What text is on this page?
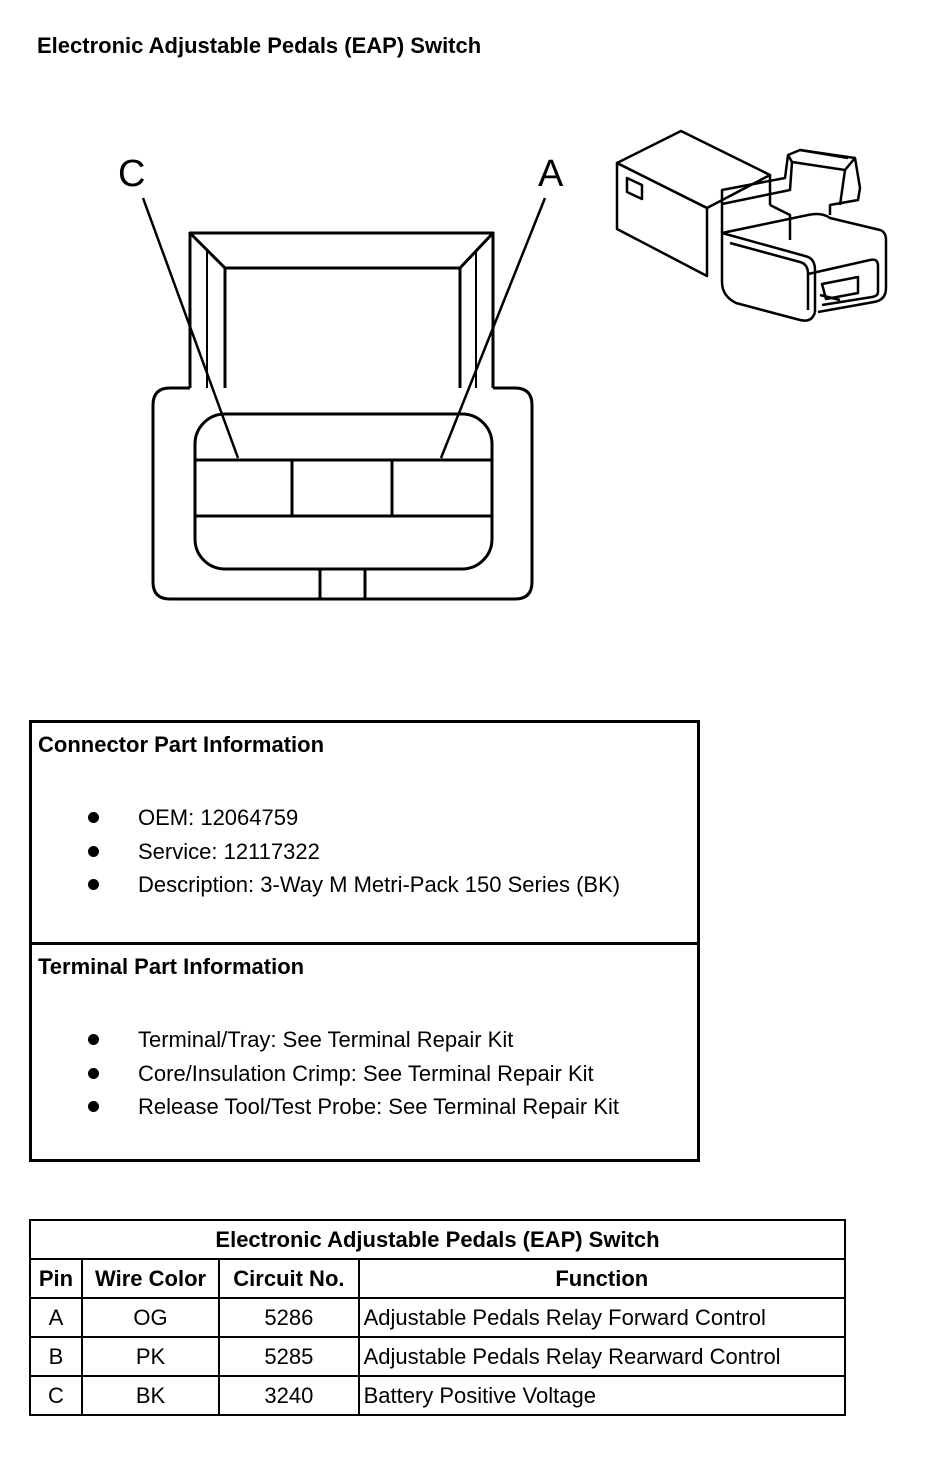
Electronic Adjustable Pedals (EAP) Switch
C	A
Connector Part Information
OEM: 12064759
Service: 12117322
Description: 3-Way M Metri-Pack 150 Series (BK)
Terminal Part Information
Terminal/Tray: See Terminal Repair Kit
Core/Insulation Crimp: See Terminal Repair Kit
Release Tool/Test Probe: See Terminal Repair Kit
Electronic Adjustable Pedals (EAP) Switch			
Pin	Wire Color	Circuit No.	Function
A	OG	5286	Adjustable Pedals Relay Forward Control
B	PK	5285	Adjustable Pedals Relay Rearward Control
C	BK	3240	Battery Positive Voltage
